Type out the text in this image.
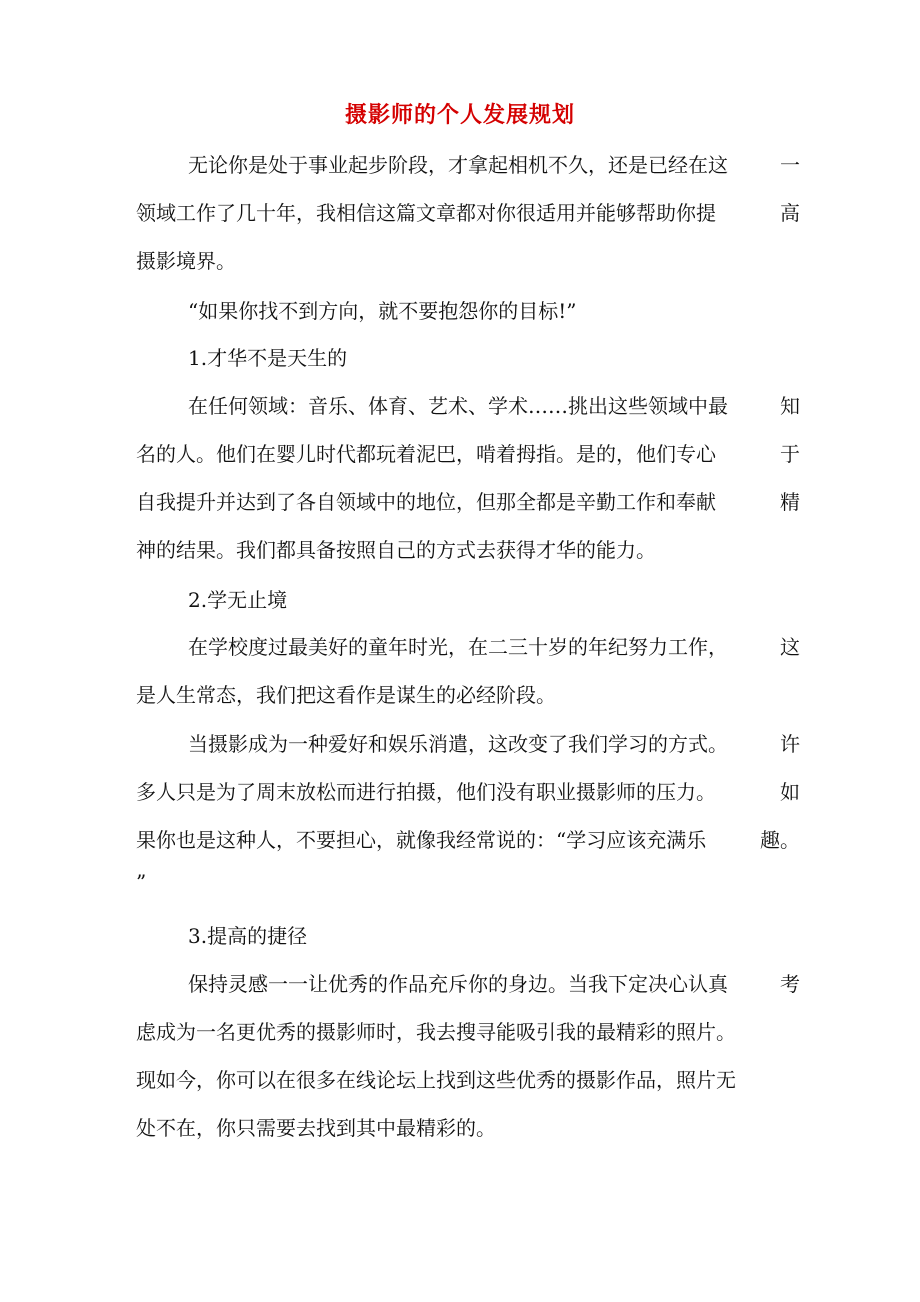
摄影师的个人发展规划
无论你是处于事业起步阶段，才拿起相机不久，还是已经在这	一
领域工作了几十年，我相信这篇文章都对你很适用并能够帮助你提	高
摄影境界。
“如果你找不到方向，就不要抱怨你的目标!”
1.才华不是天生的
在任何领域：音乐、体育、艺术、学术……挑出这些领域中最	知
名的人。他们在婴儿时代都玩着泥巴，啃着拇指。是的，他们专心	于
自我提升并达到了各自领域中的地位，但那全都是辛勤工作和奉献	精
神的结果。我们都具备按照自己的方式去获得才华的能力。
2.学无止境
在学校度过最美好的童年时光，在二三十岁的年纪努力工作，	这
是人生常态，我们把这看作是谋生的必经阶段。
当摄影成为一种爱好和娱乐消遣，这改变了我们学习的方式。	许
多人只是为了周末放松而进行拍摄，他们没有职业摄影师的压力。	如
果你也是这种人，不要担心，就像我经常说的：“学习应该充满乐	趣。
”
3.提高的捷径
保持灵感一一让优秀的作品充斥你的身边。当我下定决心认真	考
虑成为一名更优秀的摄影师时，我去搜寻能吸引我的最精彩的照片。
现如今，你可以在很多在线论坛上找到这些优秀的摄影作品，照片无
处不在，你只需要去找到其中最精彩的。
